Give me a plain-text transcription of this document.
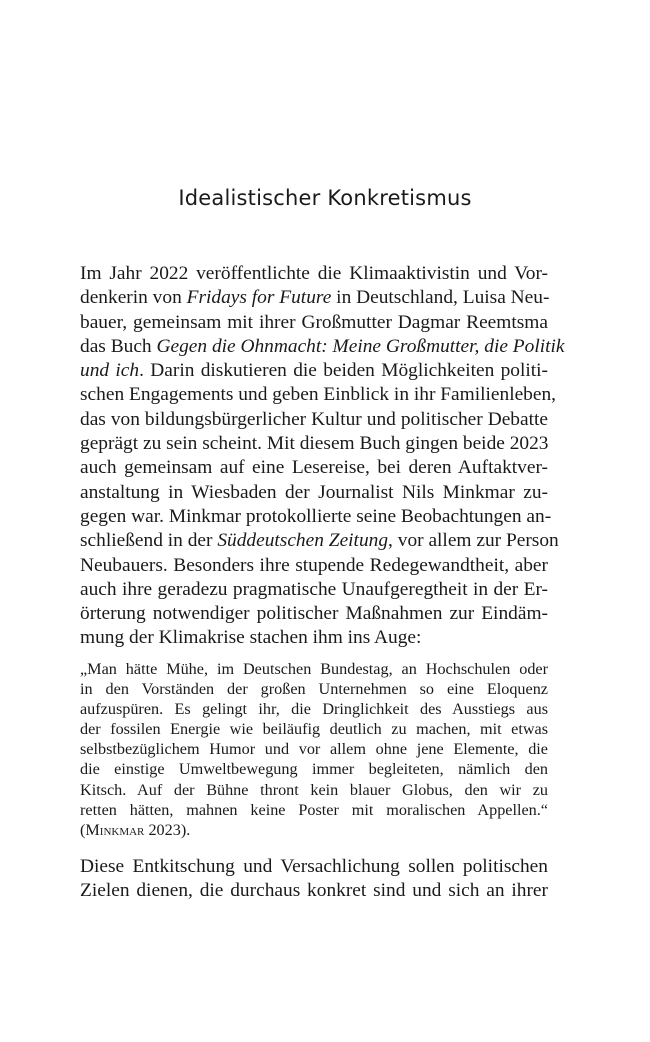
Idealistischer Konkretismus
Im Jahr 2022 veröffentlichte die Klimaaktivistin und Vor-
denkerin von Fridays for Future in Deutschland, Luisa Neu-
bauer, gemeinsam mit ihrer Großmutter Dagmar Reemtsma
das Buch Gegen die Ohnmacht: Meine Großmutter, die Politik
und ich. Darin diskutieren die beiden Möglichkeiten politi-
schen Engagements und geben Einblick in ihr Familienleben,
das von bildungsbürgerlicher Kultur und politischer Debatte
geprägt zu sein scheint. Mit diesem Buch gingen beide 2023
auch gemeinsam auf eine Lesereise, bei deren Auftaktver-
anstaltung in Wiesbaden der Journalist Nils Minkmar zu-
gegen war. Minkmar protokollierte seine Beobachtungen an-
schließend in der Süddeutschen Zeitung, vor allem zur Person
Neubauers. Besonders ihre stupende Redegewandtheit, aber
auch ihre geradezu pragmatische Unaufgeregtheit in der Er-
örterung notwendiger politischer Maßnahmen zur Eindäm-
mung der Klimakrise stachen ihm ins Auge:
„Man hätte Mühe, im Deutschen Bundestag, an Hochschulen oder
in den Vorständen der großen Unternehmen so eine Eloquenz
aufzuspüren. Es gelingt ihr, die Dringlichkeit des Ausstiegs aus
der fossilen Energie wie beiläufig deutlich zu machen, mit etwas
selbstbezüglichem Humor und vor allem ohne jene Elemente, die
die einstige Umweltbewegung immer begleiteten, nämlich den
Kitsch. Auf der Bühne thront kein blauer Globus, den wir zu
retten hätten, mahnen keine Poster mit moralischen Appellen.“
(Minkmar 2023).
Diese Entkitschung und Versachlichung sollen politischen
Zielen dienen, die durchaus konkret sind und sich an ihrer
